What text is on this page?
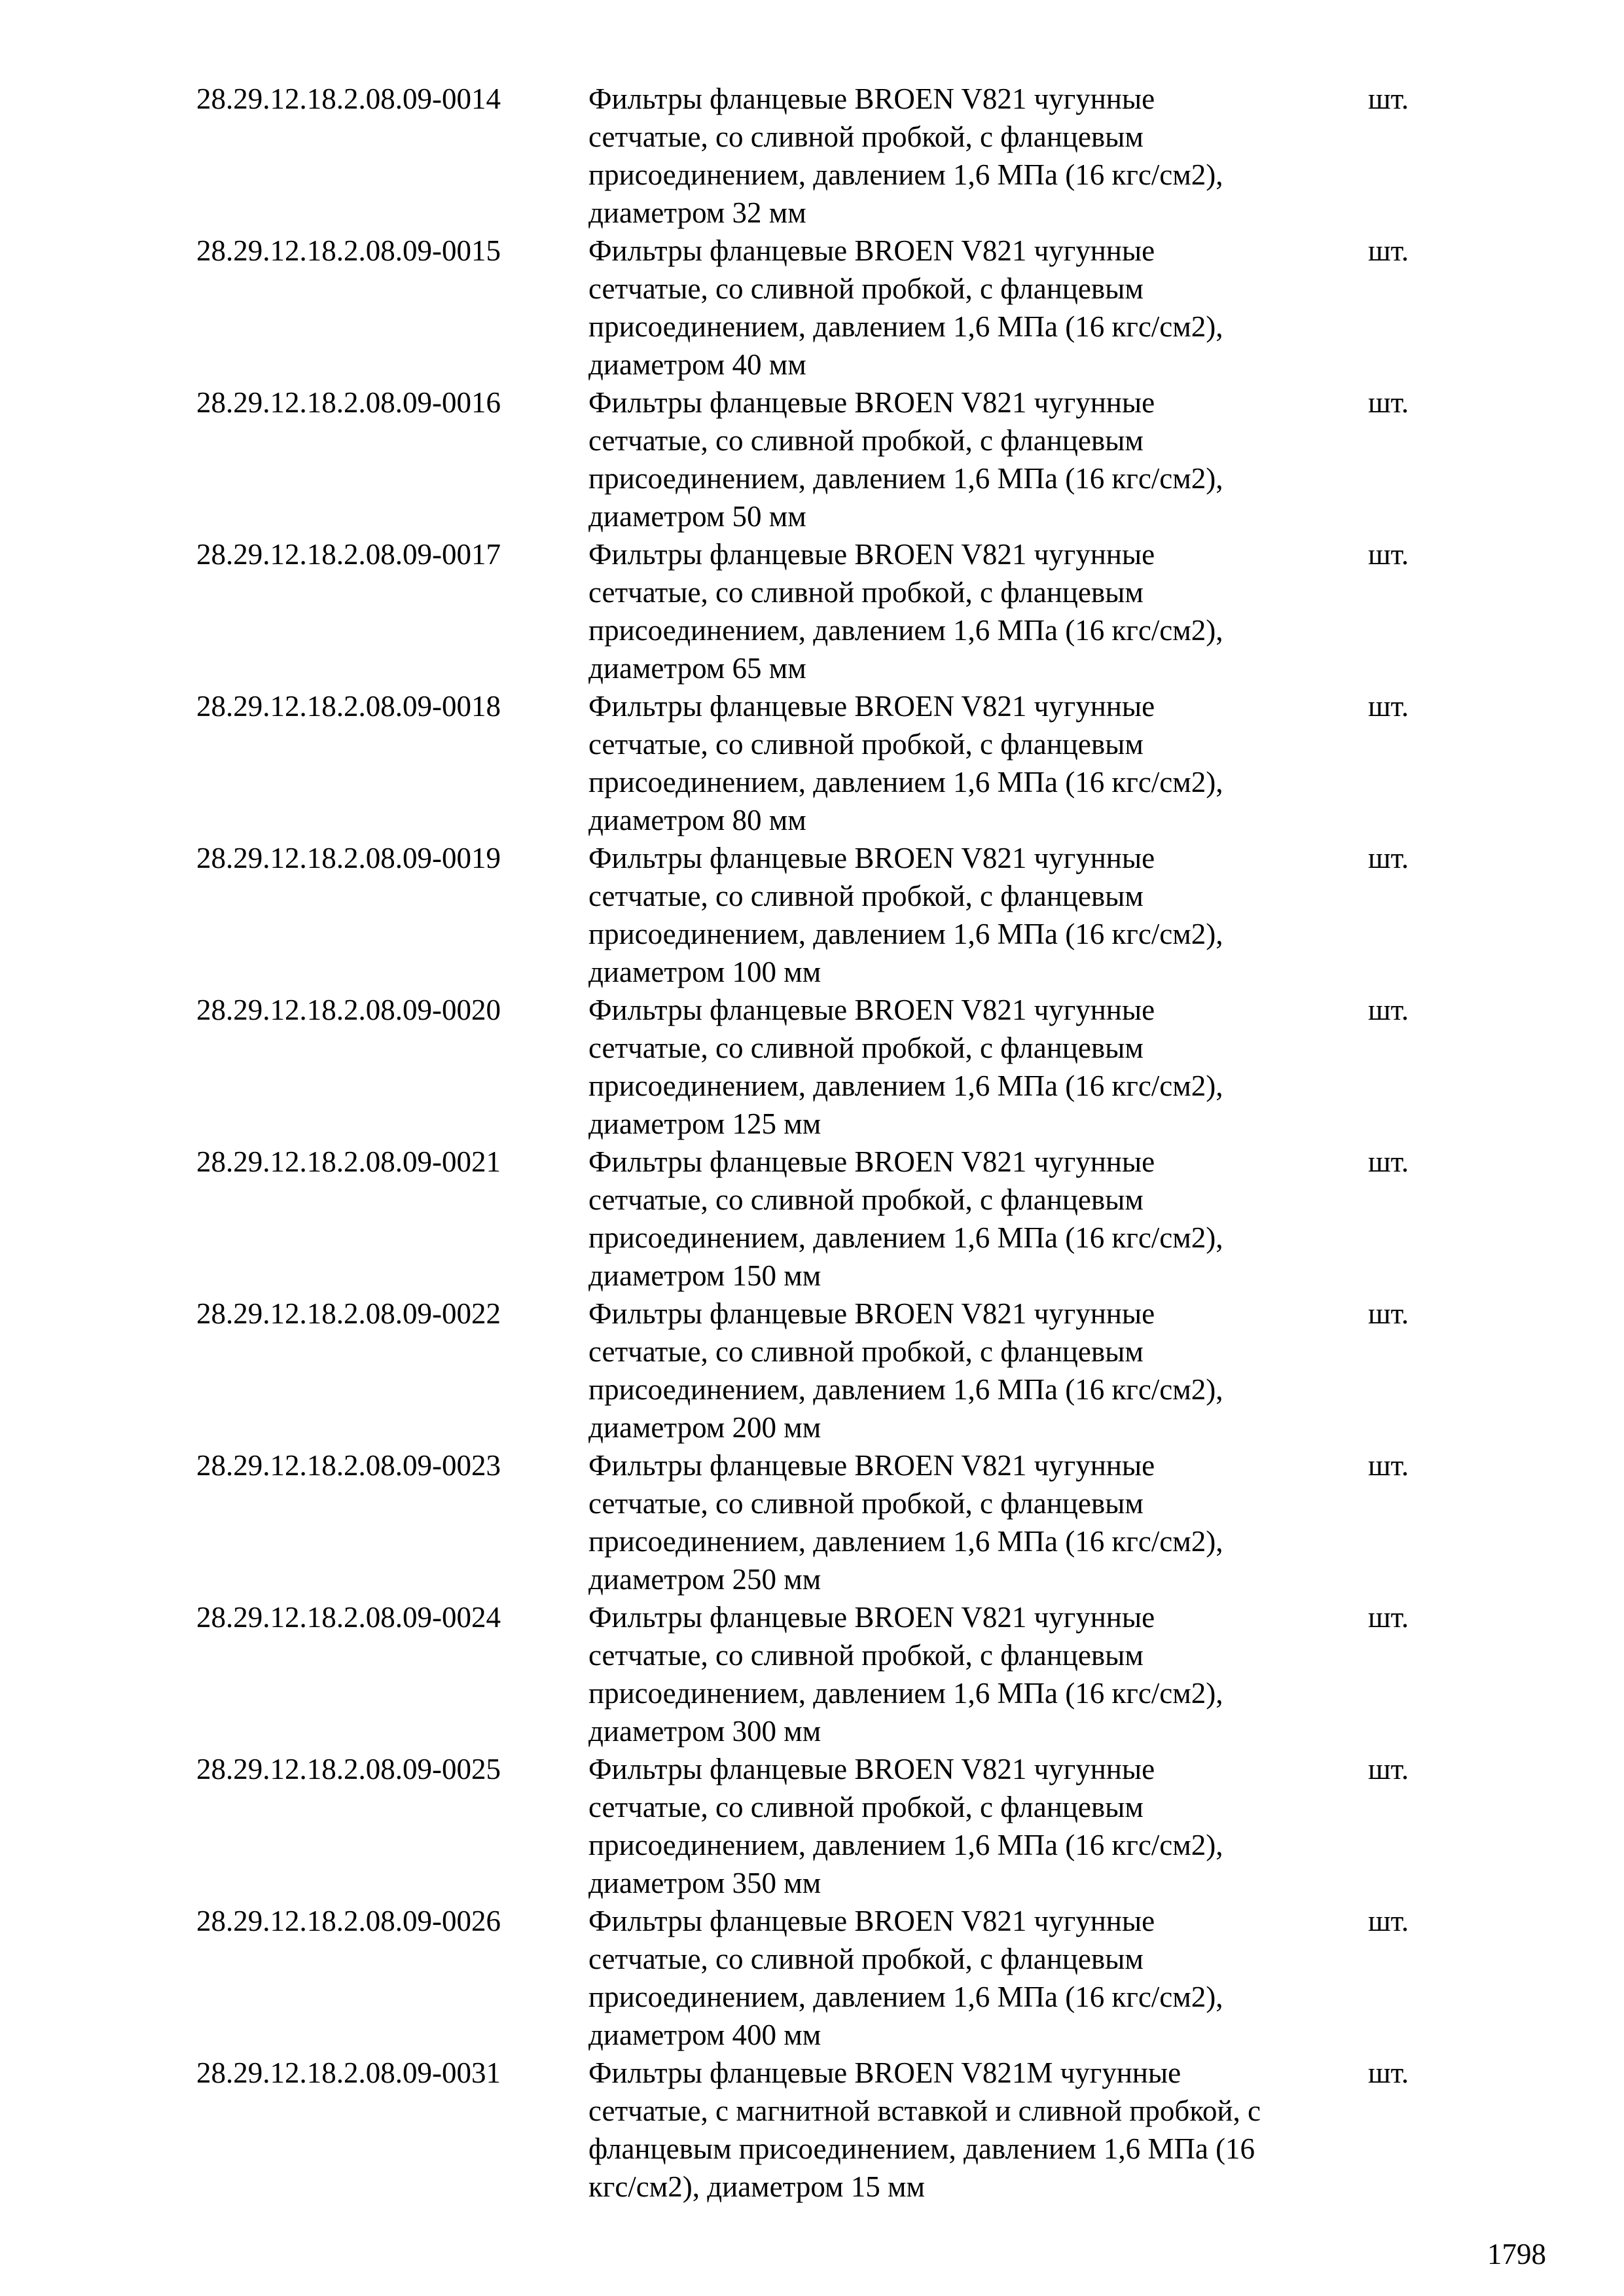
28.29.12.18.2.08.09-0014	Фильтры фланцевые BROEN V821 чугунные
сетчатые, со сливной пробкой, с фланцевым
присоединением, давлением 1,6 МПа (16 кгс/см2),
диаметром 32 мм
шт.
28.29.12.18.2.08.09-0015	Фильтры фланцевые BROEN V821 чугунные
сетчатые, со сливной пробкой, с фланцевым
присоединением, давлением 1,6 МПа (16 кгс/см2),
диаметром 40 мм
шт.
28.29.12.18.2.08.09-0016	Фильтры фланцевые BROEN V821 чугунные
сетчатые, со сливной пробкой, с фланцевым
присоединением, давлением 1,6 МПа (16 кгс/см2),
диаметром 50 мм
шт.
28.29.12.18.2.08.09-0017	Фильтры фланцевые BROEN V821 чугунные
сетчатые, со сливной пробкой, с фланцевым
присоединением, давлением 1,6 МПа (16 кгс/см2),
диаметром 65 мм
шт.
28.29.12.18.2.08.09-0018	Фильтры фланцевые BROEN V821 чугунные
сетчатые, со сливной пробкой, с фланцевым
присоединением, давлением 1,6 МПа (16 кгс/см2),
диаметром 80 мм
шт.
28.29.12.18.2.08.09-0019	Фильтры фланцевые BROEN V821 чугунные
сетчатые, со сливной пробкой, с фланцевым
присоединением, давлением 1,6 МПа (16 кгс/см2),
диаметром 100 мм
шт.
28.29.12.18.2.08.09-0020	Фильтры фланцевые BROEN V821 чугунные
сетчатые, со сливной пробкой, с фланцевым
присоединением, давлением 1,6 МПа (16 кгс/см2),
диаметром 125 мм
шт.
28.29.12.18.2.08.09-0021	Фильтры фланцевые BROEN V821 чугунные
сетчатые, со сливной пробкой, с фланцевым
присоединением, давлением 1,6 МПа (16 кгс/см2),
диаметром 150 мм
шт.
28.29.12.18.2.08.09-0022	Фильтры фланцевые BROEN V821 чугунные
сетчатые, со сливной пробкой, с фланцевым
присоединением, давлением 1,6 МПа (16 кгс/см2),
диаметром 200 мм
шт.
28.29.12.18.2.08.09-0023	Фильтры фланцевые BROEN V821 чугунные
сетчатые, со сливной пробкой, с фланцевым
присоединением, давлением 1,6 МПа (16 кгс/см2),
диаметром 250 мм
шт.
28.29.12.18.2.08.09-0024	Фильтры фланцевые BROEN V821 чугунные
сетчатые, со сливной пробкой, с фланцевым
присоединением, давлением 1,6 МПа (16 кгс/см2),
диаметром 300 мм
шт.
28.29.12.18.2.08.09-0025	Фильтры фланцевые BROEN V821 чугунные
сетчатые, со сливной пробкой, с фланцевым
присоединением, давлением 1,6 МПа (16 кгс/см2),
диаметром 350 мм
шт.
28.29.12.18.2.08.09-0026	Фильтры фланцевые BROEN V821 чугунные
сетчатые, со сливной пробкой, с фланцевым
присоединением, давлением 1,6 МПа (16 кгс/см2),
диаметром 400 мм
шт.
28.29.12.18.2.08.09-0031	Фильтры фланцевые BROEN V821M чугунные
сетчатые, с магнитной вставкой и сливной пробкой, с
фланцевым присоединением, давлением 1,6 МПа (16
кгс/см2), диаметром 15 мм
шт.
1798
